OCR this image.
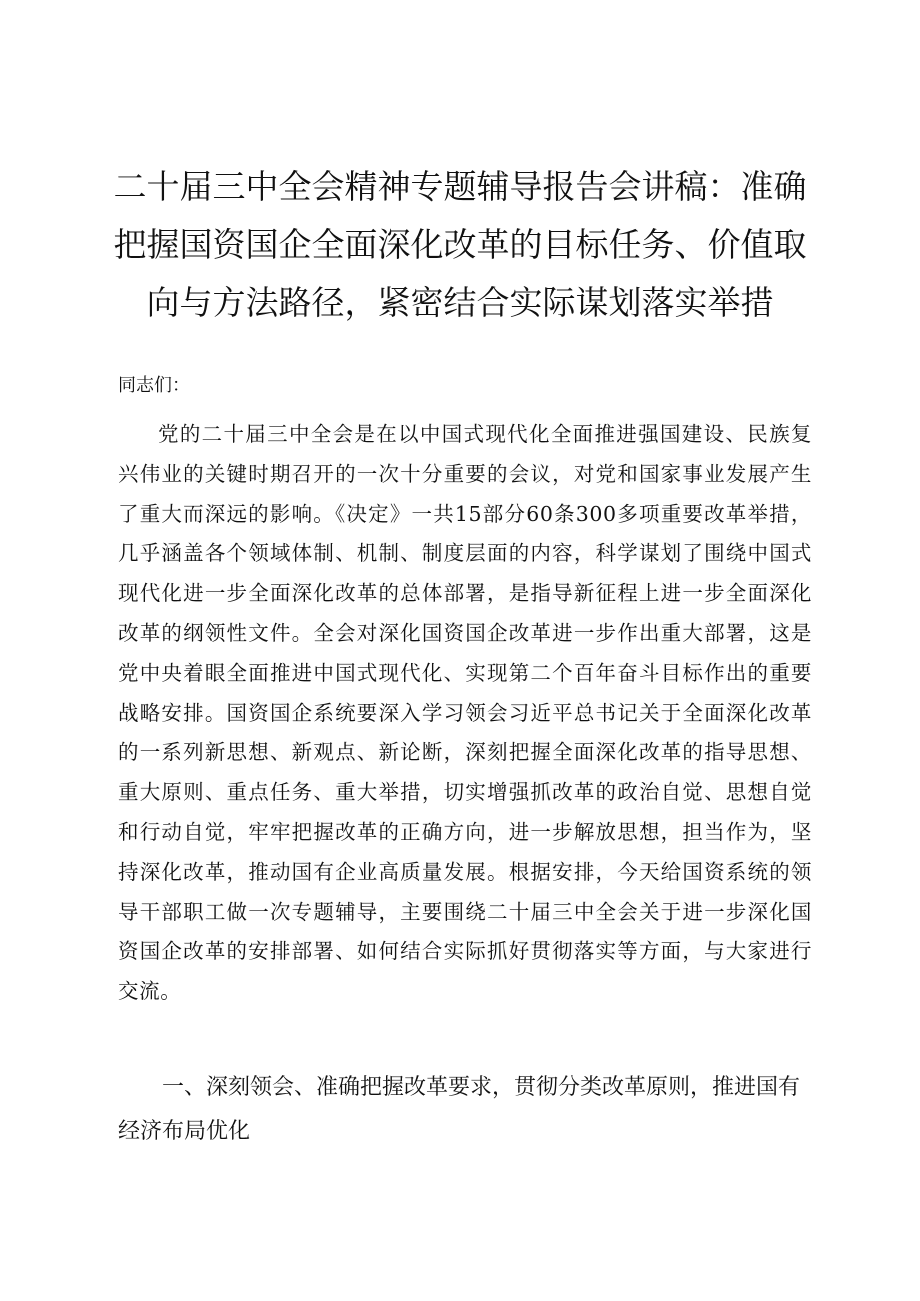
二十届三中全会精神专题辅导报告会讲稿：准确把握国资国企全面深化改革的目标任务、价值取向与方法路径，紧密结合实际谋划落实举措

同志们：

党的二十届三中全会是在以中国式现代化全面推进强国建设、民族复兴伟业的关键时期召开的一次十分重要的会议，对党和国家事业发展产生了重大而深远的影响。《决定》一共15部分60条300多项重要改革举措，几乎涵盖各个领域体制、机制、制度层面的内容，科学谋划了围绕中国式现代化进一步全面深化改革的总体部署，是指导新征程上进一步全面深化改革的纲领性文件。全会对深化国资国企改革进一步作出重大部署，这是党中央着眼全面推进中国式现代化、实现第二个百年奋斗目标作出的重要战略安排。国资国企系统要深入学习领会习近平总书记关于全面深化改革的一系列新思想、新观点、新论断，深刻把握全面深化改革的指导思想、重大原则、重点任务、重大举措，切实增强抓改革的政治自觉、思想自觉和行动自觉，牢牢把握改革的正确方向，进一步解放思想，担当作为，坚持深化改革，推动国有企业高质量发展。根据安排，今天给国资系统的领导干部职工做一次专题辅导，主要围绕二十届三中全会关于进一步深化国资国企改革的安排部署、如何结合实际抓好贯彻落实等方面，与大家进行交流。

一、深刻领会、准确把握改革要求，贯彻分类改革原则，推进国有经济布局优化
